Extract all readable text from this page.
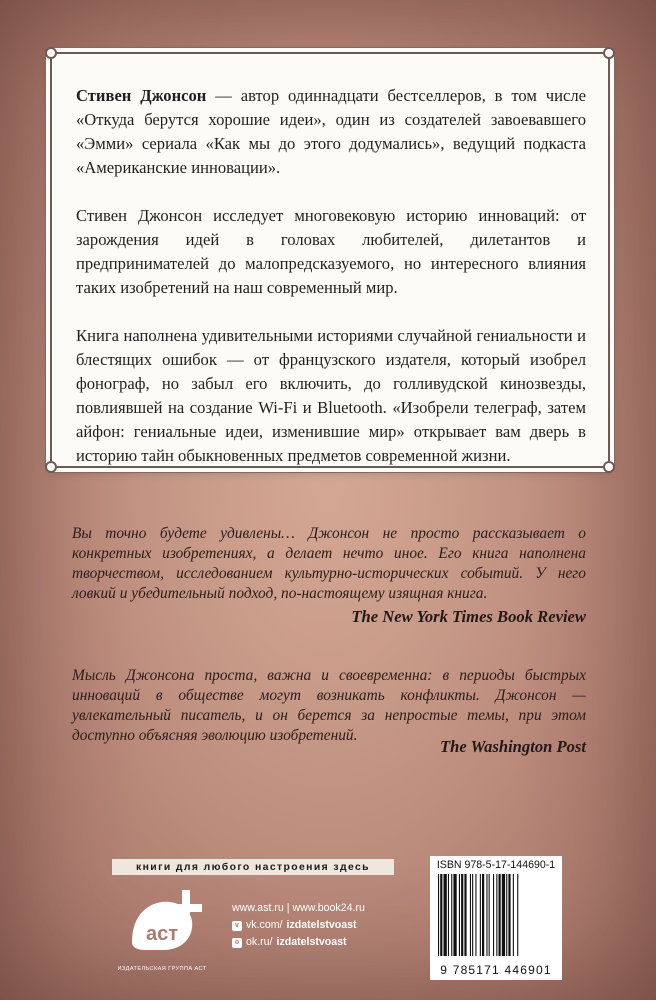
Стивен Джонсон — автор одиннадцати бестселлеров, в том числе «Откуда берутся хорошие идеи», один из создателей завоевавшего «Эмми» сериала «Как мы до этого додумались», ведущий подкаста «Американские инновации».

Стивен Джонсон исследует многовековую историю инноваций: от зарождения идей в головах любителей, дилетантов и предпринимателей до малопредсказуемого, но интересного влияния таких изобретений на наш современный мир.

Книга наполнена удивительными историями случайной гениальности и блестящих ошибок — от французского издателя, который изобрел фонограф, но забыл его включить, до голливудской кинозвезды, повлиявшей на создание Wi-Fi и Bluetooth. «Изобрели телеграф, затем айфон: гениальные идеи, изменившие мир» открывает вам дверь в историю тайн обыкновенных предметов современной жизни.

Вы точно будете удивлены… Джонсон не просто рассказывает о конкретных изобретениях, а делает нечто иное. Его книга наполнена творчеством, исследованием культурно-исторических событий. У него ловкий и убедительный подход, по-настоящему изящная книга.
The New York Times Book Review
Мысль Джонсона проста, важна и своевременна: в периоды быстрых инноваций в обществе могут возникать конфликты. Джонсон — увлекательный писатель, и он берется за непростые темы, при этом доступно объясняя эволюцию изобретений.
The Washington Post
книги для любого настроения здесь
аст
ИЗДАТЕЛЬСКАЯ ГРУППА АСТ
www.ast.ru | www.book24.ru
v vk.com/ izdatelstvoast
o ok.ru/ izdatelstvoast
ISBN 978-5-17-144690-1
9 785171 446901
